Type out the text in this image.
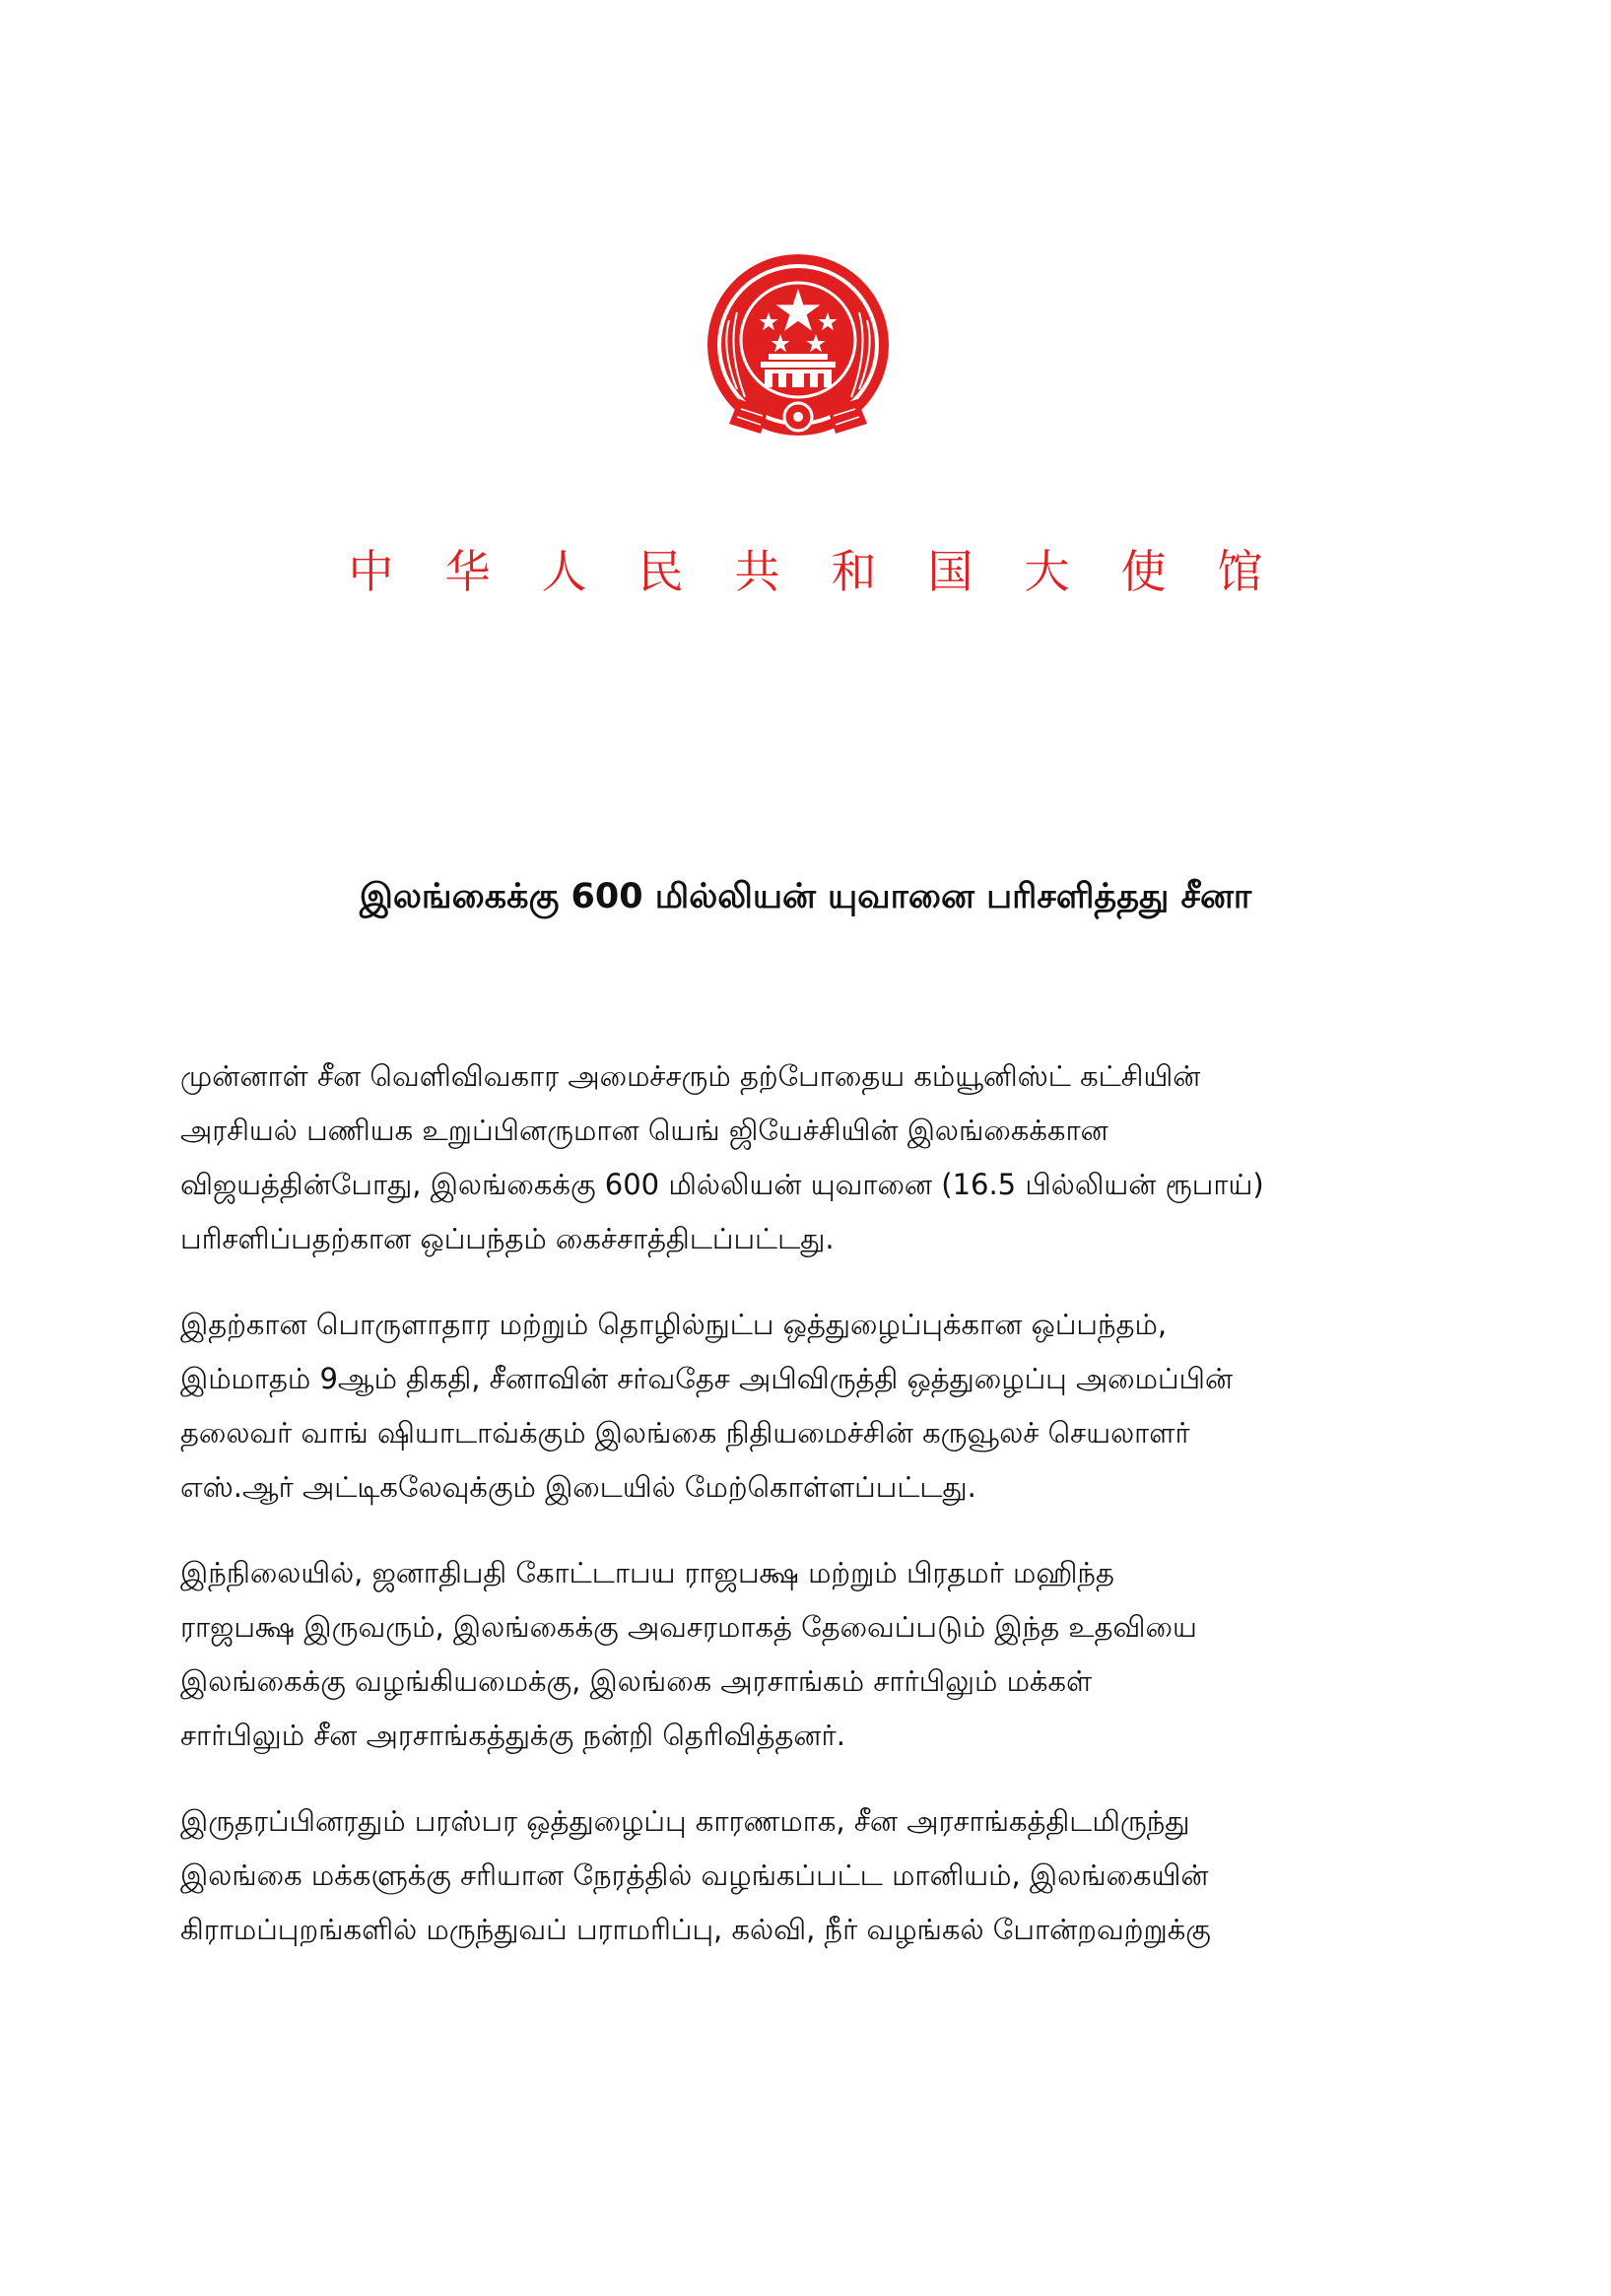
中华人民共和国大使馆
இலங்கைக்கு 600 மில்லியன் யுவானை பரிசளித்தது சீனா
முன்னாள் சீன வெளிவிவகார அமைச்சரும் தற்போதைய கம்யூனிஸ்ட் கட்சியின்
அரசியல் பணியக உறுப்பினருமான யெங் ஜியேச்சியின் இலங்கைக்கான
விஜயத்தின்போது, இலங்கைக்கு 600 மில்லியன் யுவானை (16.5 பில்லியன் ரூபாய்)
பரிசளிப்பதற்கான ஒப்பந்தம் கைச்சாத்திடப்பட்டது.
இதற்கான பொருளாதார மற்றும் தொழில்நுட்ப ஒத்துழைப்புக்கான ஒப்பந்தம்,
இம்மாதம் 9ஆம் திகதி, சீனாவின் சர்வதேச அபிவிருத்தி ஒத்துழைப்பு அமைப்பின்
தலைவர் வாங் ஷியாடாவ்க்கும் இலங்கை நிதியமைச்சின் கருவூலச் செயலாளர்
எஸ்.ஆர் அட்டிகலேவுக்கும் இடையில் மேற்கொள்ளப்பட்டது.
இந்நிலையில், ஜனாதிபதி கோட்டாபய ராஜபக்ஷ மற்றும் பிரதமர் மஹிந்த
ராஜபக்ஷ இருவரும், இலங்கைக்கு அவசரமாகத் தேவைப்படும் இந்த உதவியை
இலங்கைக்கு வழங்கியமைக்கு, இலங்கை அரசாங்கம் சார்பிலும் மக்கள்
சார்பிலும் சீன அரசாங்கத்துக்கு நன்றி தெரிவித்தனர்.
இருதரப்பினரதும் பரஸ்பர ஒத்துழைப்பு காரணமாக, சீன அரசாங்கத்திடமிருந்து
இலங்கை மக்களுக்கு சரியான நேரத்தில் வழங்கப்பட்ட மானியம், இலங்கையின்
கிராமப்புறங்களில் மருந்துவப் பராமரிப்பு, கல்வி, நீர் வழங்கல் போன்றவற்றுக்கு
